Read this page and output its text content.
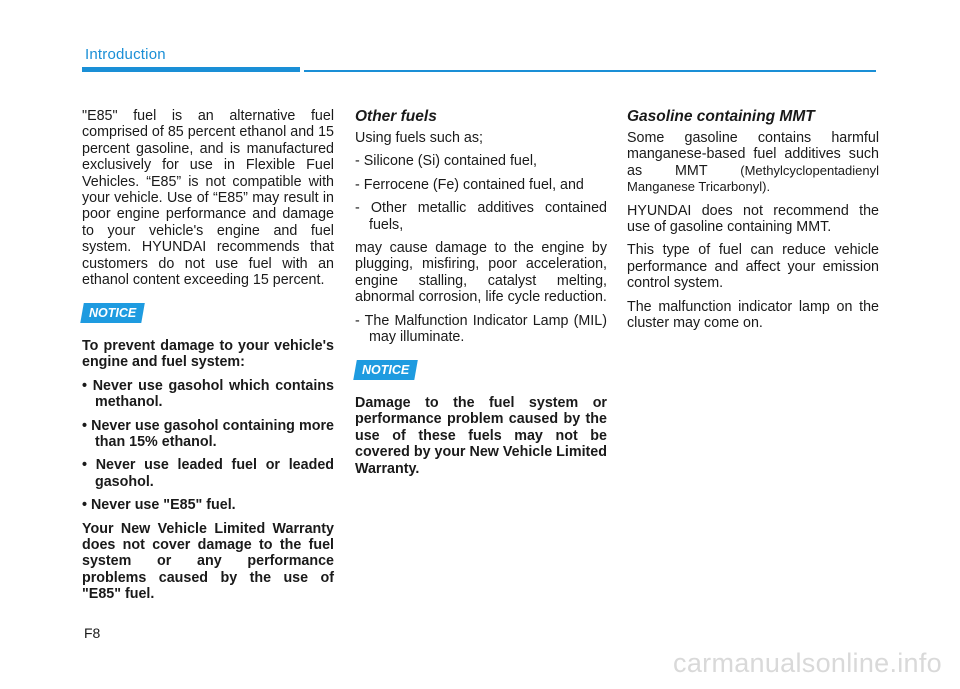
Introduction

"E85" fuel is an alternative fuel comprised of 85 percent ethanol and 15 percent gasoline, and is manufactured exclusively for use in Flexible Fuel Vehicles. “E85” is not compatible with your vehicle. Use of “E85” may result in poor engine performance and damage to your vehicle's engine and fuel system. HYUNDAI recommends that customers do not use fuel with an ethanol content exceeding 15 percent.

NOTICE

To prevent damage to your vehicle's engine and fuel system:

• Never use gasohol which contains methanol.
• Never use gasohol containing more than 15% ethanol.
• Never use leaded fuel or leaded gasohol.
• Never use "E85" fuel.

Your New Vehicle Limited Warranty does not cover damage to the fuel system or any performance problems caused by the use of "E85" fuel.

Other fuels

Using fuels such as;

- Silicone (Si) contained fuel,
- Ferrocene (Fe) contained fuel, and
- Other metallic additives contained fuels,

may cause damage to the engine by plugging, misfiring, poor acceleration, engine stalling, catalyst melting, abnormal corrosion, life cycle reduction.

- The Malfunction Indicator Lamp (MIL) may illuminate.
NOTICE

Damage to the fuel system or performance problem caused by the use of these fuels may not be covered by your New Vehicle Limited Warranty.

Gasoline containing MMT

Some gasoline contains harmful manganese-based fuel additives such as MMT	(Methylcyclopentadienyl Manganese Tricarbonyl).

HYUNDAI does not recommend the use of gasoline containing MMT.

This type of fuel can reduce vehicle performance and affect your emission control system.

The malfunction indicator lamp on the cluster may come on.

F8
carmanualsonline.info
